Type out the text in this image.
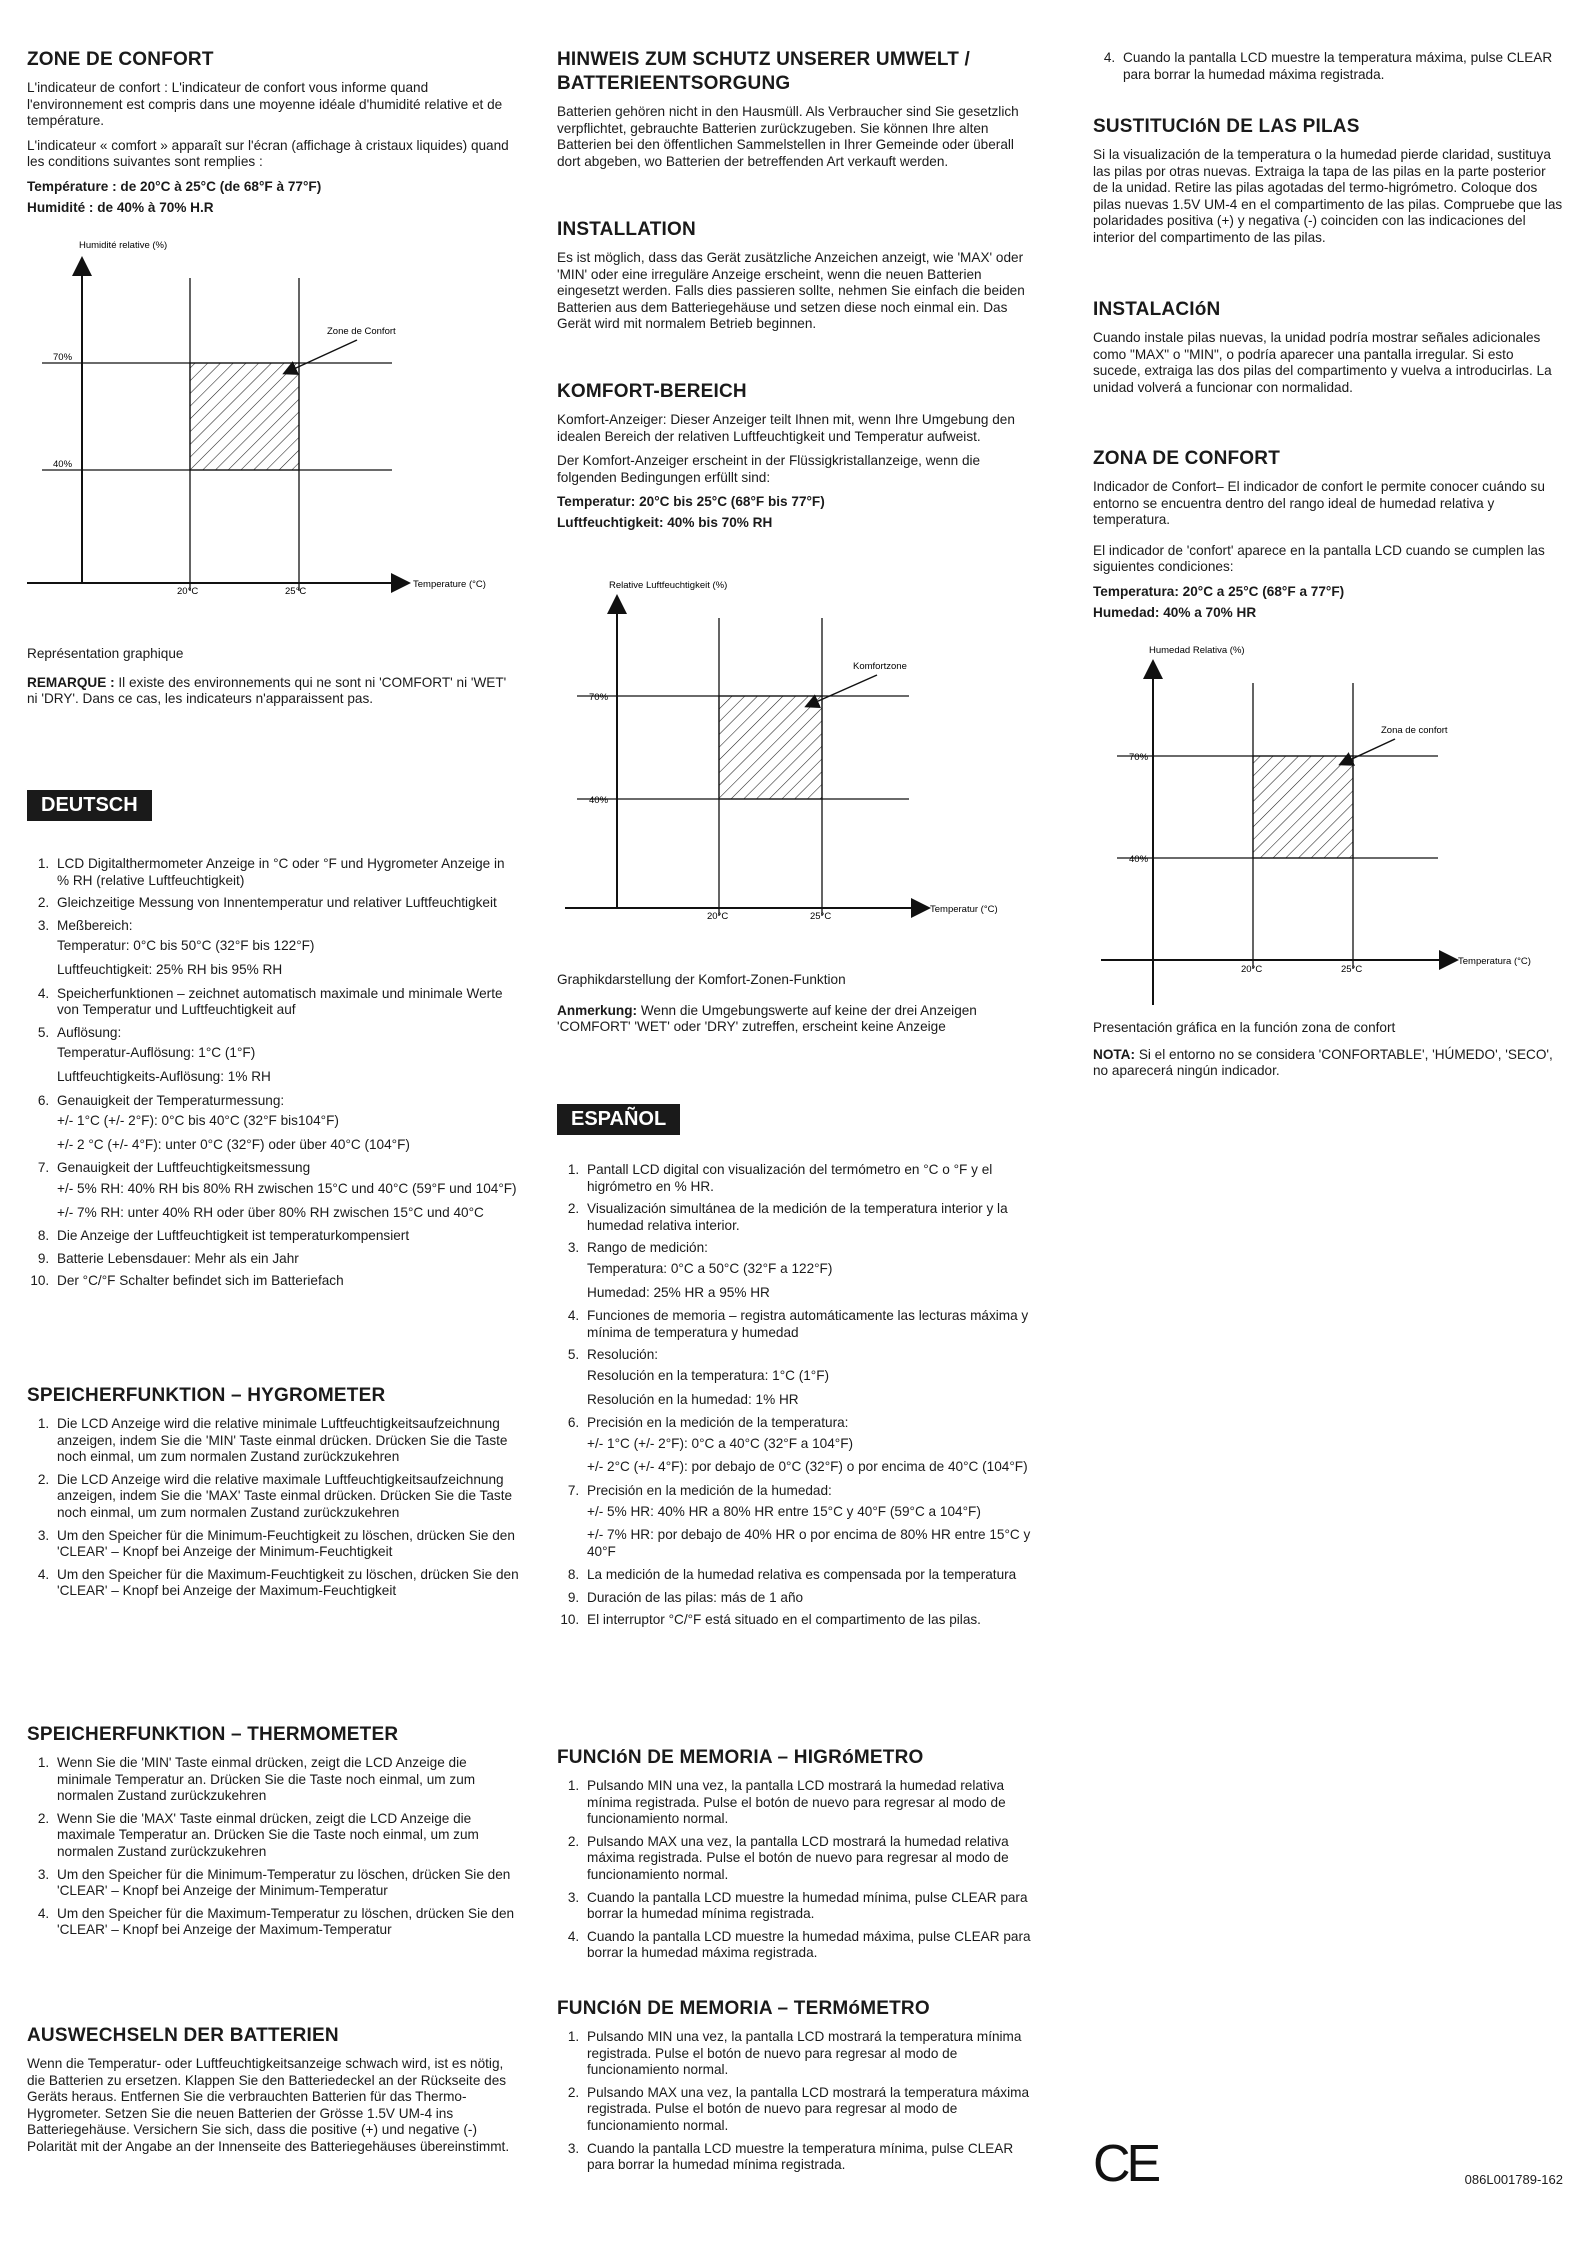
ZONE DE CONFORT

L'indicateur de confort : L'indicateur de confort vous informe quand l'environnement est compris dans une moyenne idéale d'humidité relative et de température.

L'indicateur « comfort » apparaît sur l'écran (affichage à cristaux liquides) quand les conditions suivantes sont remplies :

Température : de 20°C à 25°C (de 68°F à 77°F)

Humidité : de 40% à 70% H.R

Humidité relative (%)
70%
40%
20°C	25°C
Temperature (°C)
Zone de Confort

Représentation graphique

REMARQUE : Il existe des environnements qui ne sont ni 'COMFORT' ni 'WET' ni 'DRY'. Dans ce cas, les indicateurs n'apparaissent pas.

DEUTSCH
1. LCD Digitalthermometer Anzeige in °C oder °F und Hygrometer Anzeige in % RH (relative Luftfeuchtigkeit)
2. Gleichzeitige Messung von Innentemperatur und relativer Luftfeuchtigkeit
3. Meßbereich:
Temperatur: 0°C bis 50°C (32°F bis 122°F)
Luftfeuchtigkeit: 25% RH bis 95% RH
4. Speicherfunktionen – zeichnet automatisch maximale und minimale Werte von Temperatur und Luftfeuchtigkeit auf
5. Auflösung:
Temperatur-Auflösung: 1°C (1°F)
Luftfeuchtigkeits-Auflösung: 1% RH
6. Genauigkeit der Temperaturmessung:
+/- 1°C (+/- 2°F): 0°C bis 40°C (32°F bis104°F)
+/- 2 °C (+/- 4°F): unter 0°C (32°F) oder über 40°C (104°F)
7. Genauigkeit der Luftfeuchtigkeitsmessung
+/- 5% RH: 40% RH bis 80% RH zwischen 15°C und 40°C (59°F und 104°F)
+/- 7% RH: unter 40% RH oder über 80% RH zwischen 15°C und 40°C
8. Die Anzeige der Luftfeuchtigkeit ist temperaturkompensiert
9. Batterie Lebensdauer: Mehr als ein Jahr
10. Der °C/°F Schalter befindet sich im Batteriefach
SPEICHERFUNKTION – HYGROMETER
1. Die LCD Anzeige wird die relative minimale Luftfeuchtigkeitsaufzeichnung anzeigen, indem Sie die 'MIN' Taste einmal drücken. Drücken Sie die Taste noch einmal, um zum normalen Zustand zurückzukehren
2. Die LCD Anzeige wird die relative maximale Luftfeuchtigkeitsaufzeichnung anzeigen, indem Sie die 'MAX' Taste einmal drücken. Drücken Sie die Taste noch einmal, um zum normalen Zustand zurückzukehren
3. Um den Speicher für die Minimum-Feuchtigkeit zu löschen, drücken Sie den 'CLEAR' – Knopf bei Anzeige der Minimum-Feuchtigkeit
4. Um den Speicher für die Maximum-Feuchtigkeit zu löschen, drücken Sie den 'CLEAR' – Knopf bei Anzeige der Maximum-Feuchtigkeit
SPEICHERFUNKTION – THERMOMETER
1. Wenn Sie die 'MIN' Taste einmal drücken, zeigt die LCD Anzeige die minimale Temperatur an. Drücken Sie die Taste noch einmal, um zum normalen Zustand zurückzukehren
2. Wenn Sie die 'MAX' Taste einmal drücken, zeigt die LCD Anzeige die maximale Temperatur an. Drücken Sie die Taste noch einmal, um zum normalen Zustand zurückzukehren
3. Um den Speicher für die Minimum-Temperatur zu löschen, drücken Sie den 'CLEAR' – Knopf bei Anzeige der Minimum-Temperatur
4. Um den Speicher für die Maximum-Temperatur zu löschen, drücken Sie den 'CLEAR' – Knopf bei Anzeige der Maximum-Temperatur
AUSWECHSELN DER BATTERIEN

Wenn die Temperatur- oder Luftfeuchtigkeitsanzeige schwach wird, ist es nötig, die Batterien zu ersetzen. Klappen Sie den Batteriedeckel an der Rückseite des Geräts heraus. Entfernen Sie die verbrauchten Batterien für das Thermo-Hygrometer. Setzen Sie die neuen Batterien der Grösse 1.5V UM-4 ins Batteriegehäuse. Versichern Sie sich, dass die positive (+) und negative (-) Polarität mit der Angabe an der Innenseite des Batteriegehäuses übereinstimmt.

HINWEIS ZUM SCHUTZ UNSERER UMWELT / BATTERIEENTSORGUNG

Batterien gehören nicht in den Hausmüll. Als Verbraucher sind Sie gesetzlich verpflichtet, gebrauchte Batterien zurückzugeben. Sie können Ihre alten Batterien bei den öffentlichen Sammelstellen in Ihrer Gemeinde oder überall dort abgeben, wo Batterien der betreffenden Art verkauft werden.

INSTALLATION

Es ist möglich, dass das Gerät zusätzliche Anzeichen anzeigt, wie 'MAX' oder 'MIN' oder eine irreguläre Anzeige erscheint, wenn die neuen Batterien eingesetzt werden. Falls dies passieren sollte, nehmen Sie einfach die beiden Batterien aus dem Batteriegehäuse und setzen diese noch einmal ein. Das Gerät wird mit normalem Betrieb beginnen.

KOMFORT-BEREICH

Komfort-Anzeiger: Dieser Anzeiger teilt Ihnen mit, wenn Ihre Umgebung den idealen Bereich der relativen Luftfeuchtigkeit und Temperatur aufweist.

Der Komfort-Anzeiger erscheint in der Flüssigkristallanzeige, wenn die folgenden Bedingungen erfüllt sind:

Temperatur: 20°C bis 25°C (68°F bis 77°F)

Luftfeuchtigkeit: 40% bis 70% RH

Relative Luftfeuchtigkeit (%)
70%
40%
20°C	25°C
Temperatur (°C)
Komfortzone

Graphikdarstellung der Komfort-Zonen-Funktion

Anmerkung: Wenn die Umgebungswerte auf keine der drei Anzeigen 'COMFORT' 'WET' oder 'DRY' zutreffen, erscheint keine Anzeige

ESPAÑOL
1. Pantall LCD digital con visualización del termómetro en °C o °F y el higrómetro en % HR.
2. Visualización simultánea de la medición de la temperatura interior y la humedad relativa interior.
3. Rango de medición:
Temperatura: 0°C a 50°C (32°F a 122°F)
Humedad: 25% HR a 95% HR
4. Funciones de memoria – registra automáticamente las lecturas máxima y mínima de temperatura y humedad
5. Resolución:
Resolución en la temperatura: 1°C (1°F)
Resolución en la humedad: 1% HR
6. Precisión en la medición de la temperatura:
+/- 1°C (+/- 2°F): 0°C a 40°C (32°F a 104°F)
+/- 2°C (+/- 4°F): por debajo de 0°C (32°F) o por encima de 40°C (104°F)
7. Precisión en la medición de la humedad:
+/- 5% HR: 40% HR a 80% HR entre 15°C y 40°F (59°C a 104°F)
+/- 7% HR: por debajo de 40% HR o por encima de 80% HR entre 15°C y 40°F
8. La medición de la humedad relativa es compensada por la temperatura
9. Duración de las pilas: más de 1 año
10. El interruptor °C/°F está situado en el compartimento de las pilas.
FUNCIóN DE MEMORIA – HIGRóMETRO
1. Pulsando MIN una vez, la pantalla LCD mostrará la humedad relativa mínima registrada. Pulse el botón de nuevo para regresar al modo de funcionamiento normal.
2. Pulsando MAX una vez, la pantalla LCD mostrará la humedad relativa máxima registrada. Pulse el botón de nuevo para regresar al modo de funcionamiento normal.
3. Cuando la pantalla LCD muestre la humedad mínima, pulse CLEAR para borrar la humedad mínima registrada.
4. Cuando la pantalla LCD muestre la humedad máxima, pulse CLEAR para borrar la humedad máxima registrada.
FUNCIóN DE MEMORIA – TERMóMETRO
1. Pulsando MIN una vez, la pantalla LCD mostrará la temperatura mínima registrada. Pulse el botón de nuevo para regresar al modo de funcionamiento normal.
2. Pulsando MAX una vez, la pantalla LCD mostrará la temperatura máxima registrada. Pulse el botón de nuevo para regresar al modo de funcionamiento normal.
3. Cuando la pantalla LCD muestre la temperatura mínima, pulse CLEAR para borrar la humedad mínima registrada.
4. Cuando la pantalla LCD muestre la temperatura máxima, pulse CLEAR para borrar la humedad máxima registrada.
SUSTITUCIóN DE LAS PILAS

Si la visualización de la temperatura o la humedad pierde claridad, sustituya las pilas por otras nuevas. Extraiga la tapa de las pilas en la parte posterior de la unidad. Retire las pilas agotadas del termo-higrómetro. Coloque dos pilas nuevas 1.5V UM-4 en el compartimento de las pilas. Compruebe que las polaridades positiva (+) y negativa (-) coinciden con las indicaciones del interior del compartimento de las pilas.

INSTALACIóN

Cuando instale pilas nuevas, la unidad podría mostrar señales adicionales como "MAX" o "MIN", o podría aparecer una pantalla irregular. Si esto sucede, extraiga las dos pilas del compartimento y vuelva a introducirlas. La unidad volverá a funcionar con normalidad.

ZONA DE CONFORT

Indicador de Confort– El indicador de confort le permite conocer cuándo su entorno se encuentra dentro del rango ideal de humedad relativa y temperatura.

El indicador de 'confort' aparece en la pantalla LCD cuando se cumplen las siguientes condiciones:

Temperatura: 20°C a 25°C (68°F a 77°F)

Humedad: 40% a 70% HR

Humedad Relativa (%)
70%
40%
20°C	25°C
Temperatura (°C)
Zona de confort

Presentación gráfica en la función zona de confort

NOTA: Si el entorno no se considera 'CONFORTABLE', 'HÚMEDO', 'SECO', no aparecerá ningún indicador.

CE	086L001789-162
